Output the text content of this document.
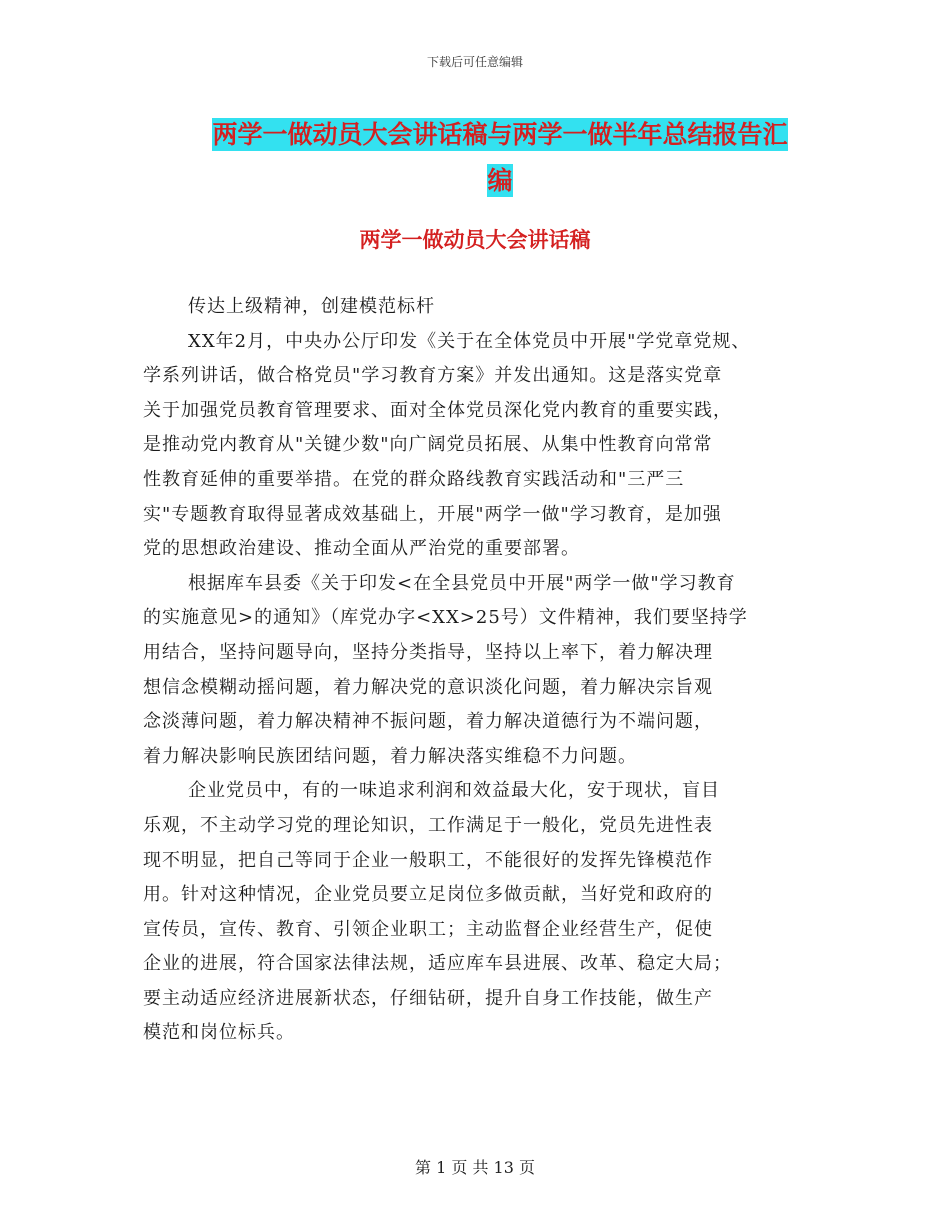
下载后可任意编辑
两学一做动员大会讲话稿与两学一做半年总结报告汇
编
两学一做动员大会讲话稿
传达上级精神，创建模范标杆
XX年2月，中央办公厅印发《关于在全体党员中开展"学党章党规、
学系列讲话，做合格党员"学习教育方案》并发出通知。这是落实党章
关于加强党员教育管理要求、面对全体党员深化党内教育的重要实践，
是推动党内教育从"关键少数"向广阔党员拓展、从集中性教育向常常
性教育延伸的重要举措。在党的群众路线教育实践活动和"三严三
实"专题教育取得显著成效基础上，开展"两学一做"学习教育，是加强
党的思想政治建设、推动全面从严治党的重要部署。
根据库车县委《关于印发<在全县党员中开展"两学一做"学习教育
的实施意见>的通知》（库党办字<XX>25号）文件精神，我们要坚持学
用结合，坚持问题导向，坚持分类指导，坚持以上率下，着力解决理
想信念模糊动摇问题，着力解决党的意识淡化问题，着力解决宗旨观
念淡薄问题，着力解决精神不振问题，着力解决道德行为不端问题，
着力解决影响民族团结问题，着力解决落实维稳不力问题。
企业党员中，有的一味追求利润和效益最大化，安于现状，盲目
乐观，不主动学习党的理论知识，工作满足于一般化，党员先进性表
现不明显，把自己等同于企业一般职工，不能很好的发挥先锋模范作
用。针对这种情况，企业党员要立足岗位多做贡献，当好党和政府的
宣传员，宣传、教育、引领企业职工；主动监督企业经营生产，促使
企业的进展，符合国家法律法规，适应库车县进展、改革、稳定大局；
要主动适应经济进展新状态，仔细钻研，提升自身工作技能，做生产
模范和岗位标兵。
第 1 页 共 13 页
